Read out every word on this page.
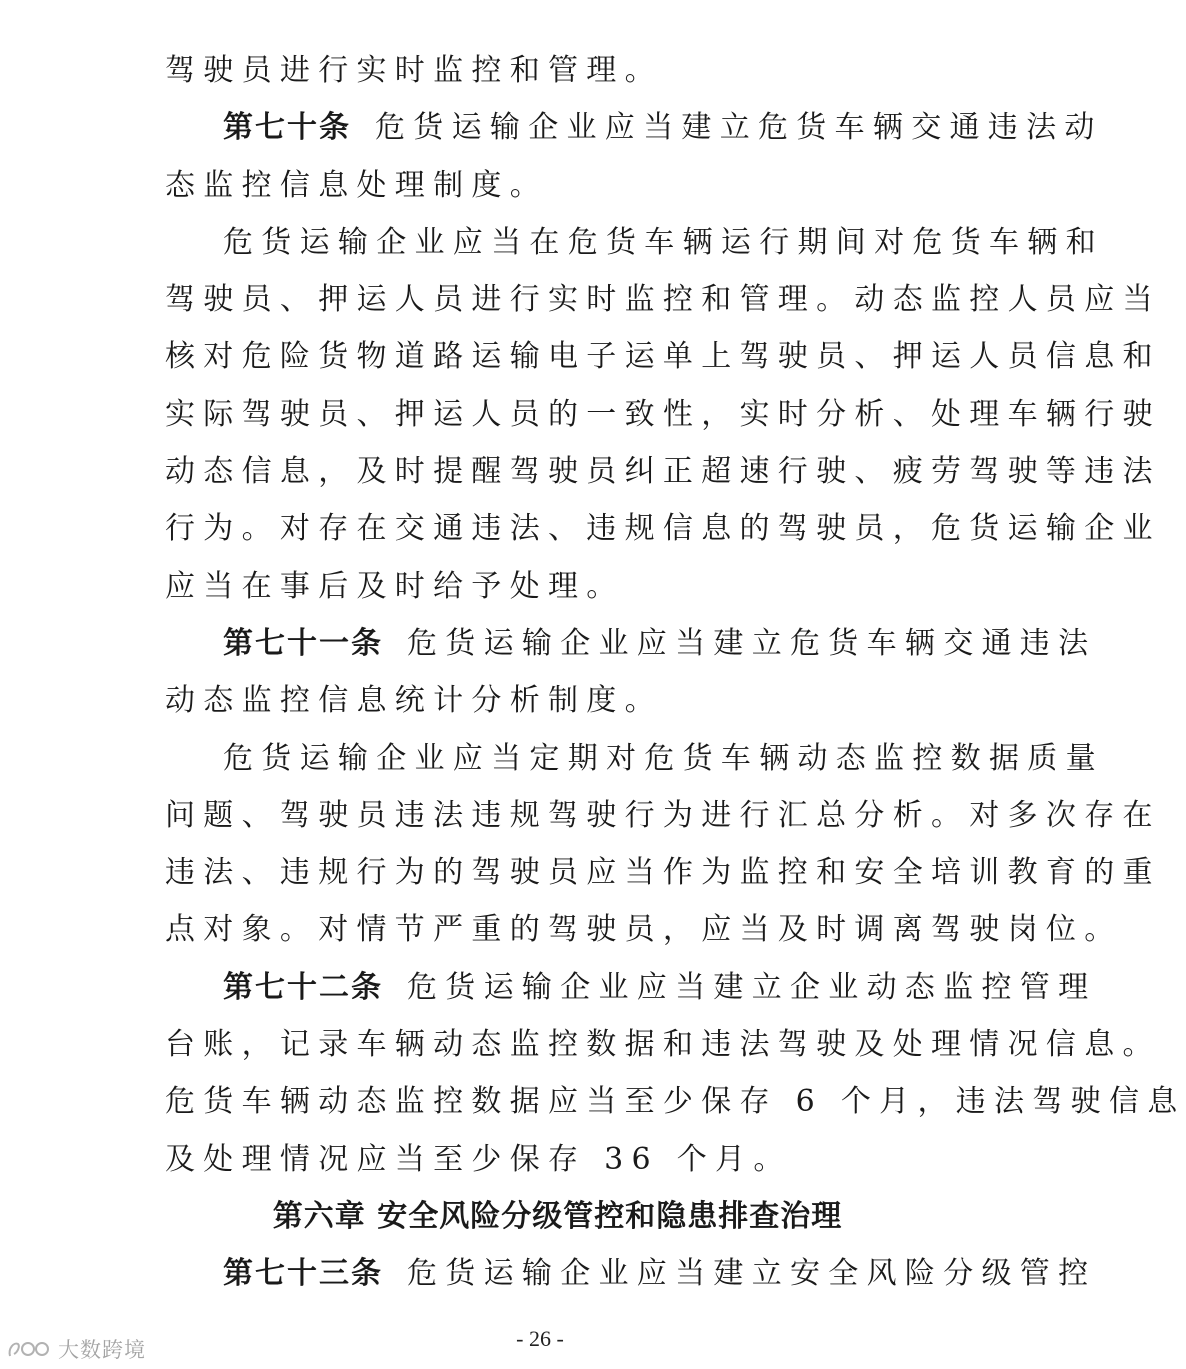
驾驶员进行实时监控和管理。
第七十条 危货运输企业应当建立危货车辆交通违法动
态监控信息处理制度。
危货运输企业应当在危货车辆运行期间对危货车辆和
驾驶员、押运人员进行实时监控和管理。动态监控人员应当
核对危险货物道路运输电子运单上驾驶员、押运人员信息和
实际驾驶员、押运人员的一致性，实时分析、处理车辆行驶
动态信息，及时提醒驾驶员纠正超速行驶、疲劳驾驶等违法
行为。对存在交通违法、违规信息的驾驶员，危货运输企业
应当在事后及时给予处理。
第七十一条 危货运输企业应当建立危货车辆交通违法
动态监控信息统计分析制度。
危货运输企业应当定期对危货车辆动态监控数据质量
问题、驾驶员违法违规驾驶行为进行汇总分析。对多次存在
违法、违规行为的驾驶员应当作为监控和安全培训教育的重
点对象。对情节严重的驾驶员，应当及时调离驾驶岗位。
第七十二条 危货运输企业应当建立企业动态监控管理
台账，记录车辆动态监控数据和违法驾驶及处理情况信息。
危货车辆动态监控数据应当至少保存 6 个月，违法驾驶信息
及处理情况应当至少保存 36 个月。
第六章 安全风险分级管控和隐患排查治理
第七十三条 危货运输企业应当建立安全风险分级管控
- 26 -
大数跨境
